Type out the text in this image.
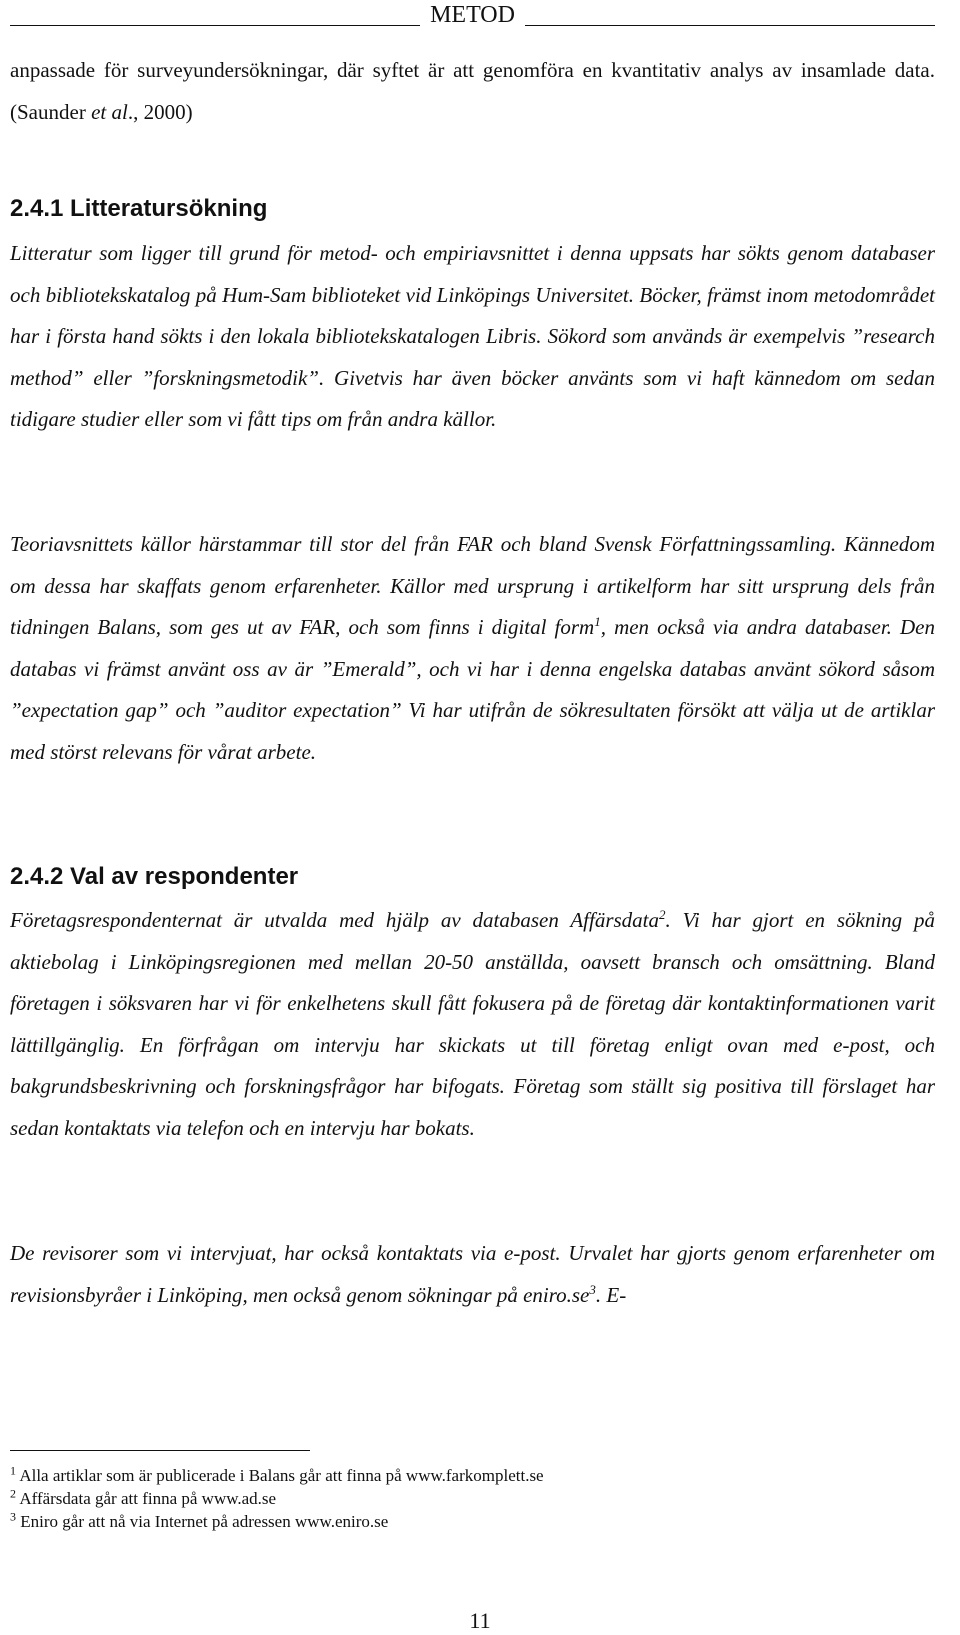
METOD

anpassade för surveyundersökningar, där syftet är att genomföra en kvantitativ analys av insamlade data. (Saunder et al., 2000)

2.4.1 Litteratursökning

Litteratur som ligger till grund för metod- och empiriavsnittet i denna uppsats har sökts genom databaser och bibliotekskatalog på Hum-Sam biblioteket vid Linköpings Universitet. Böcker, främst inom metodområdet har i första hand sökts i den lokala bibliotekskatalogen Libris. Sökord som används är exempelvis ”research method” eller ”forskningsmetodik”. Givetvis har även böcker använts som vi haft kännedom om sedan tidigare studier eller som vi fått tips om från andra källor.

Teoriavsnittets källor härstammar till stor del från FAR och bland Svensk Författningssamling. Kännedom om dessa har skaffats genom erfarenheter. Källor med ursprung i artikelform har sitt ursprung dels från tidningen Balans, som ges ut av FAR, och som finns i digital form$^1$, men också via andra databaser. Den databas vi främst använt oss av är ”Emerald”, och vi har i denna engelska databas använt sökord såsom ”expectation gap” och ”auditor expectation” Vi har utifrån de sökresultaten försökt att välja ut de artiklar med störst relevans för vårat arbete.

2.4.2 Val av respondenter

Företagsrespondenternat är utvalda med hjälp av databasen Affärsdata$^2$. Vi har gjort en sökning på aktiebolag i Linköpingsregionen med mellan 20-50 anställda, oavsett bransch och omsättning. Bland företagen i söksvaren har vi för enkelhetens skull fått fokusera på de företag där kontaktinformationen varit lättillgänglig. En förfrågan om intervju har skickats ut till företag enligt ovan med e-post, och bakgrundsbeskrivning och forskningsfrågor har bifogats. Företag som ställt sig positiva till förslaget har sedan kontaktats via telefon och en intervju har bokats.

De revisorer som vi intervjuat, har också kontaktats via e-post. Urvalet har gjorts genom erfarenheter om revisionsbyråer i Linköping, men också genom sökningar på $eniro.se^3$. E-

$^1$ Alla artiklar som är publicerade i Balans går att finna på www.farkomplett.se
$^2$ Affärsdata går att finna på www.ad.se
$^3$ Eniro går att nå via Internet på adressen www.eniro.se
11
